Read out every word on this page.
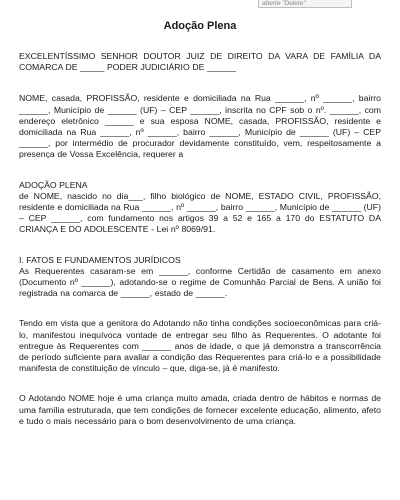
aberte "Delete"
Adoção Plena

EXCELENTÍSSIMO SENHOR DOUTOR JUIZ DE DIREITO DA VARA DE FAMÍLIA DA COMARCA DE _____ PODER JUDICIÁRIO DE ______

NOME, casada, PROFISSÃO, residente e domiciliada na Rua ______, nº ______, bairro ______, Município de ______ (UF) – CEP ______, inscrita no CPF sob o nº. ______, com endereço eletrônico ______ e sua esposa NOME, casada, PROFISSÃO, residente e domiciliada na Rua ______, nº ______, bairro ______, Município de ______ (UF) – CEP ______, por intermédio de procurador devidamente constituído, vem, respeitosamente a presença de Vossa Excelência, requerer a

ADOÇÃO PLENA

de NOME, nascido no dia___, filho biológico de NOME, ESTADO CIVIL, PROFISSÃO, residente e domiciliada na Rua ______, nº ______, bairro ______, Município de ______ (UF) – CEP ______, com fundamento nos artigos 39 a 52 e 165 a 170 do ESTATUTO DA CRIANÇA E DO ADOLESCENTE - Lei nº 8069/91.

I. FATOS E FUNDAMENTOS JURÍDICOS

As Requerentes casaram-se em ______, conforme Certidão de casamento em anexo (Documento nº ______), adotando-se o regime de Comunhão Parcial de Bens. A união foi registrada na comarca de ______, estado de ______.

Tendo em vista que a genitora do Adotando não tinha condições socioeconômicas para criá-lo, manifestou inequívoca vontade de entregar seu filho às Requerentes. O adotante foi entregue às Requerentes com ______ anos de idade, o que já demonstra a transcorrência de período suficiente para avaliar a condição das Requerentes para criá-lo e a possibilidade manifesta de constituição de vínculo – que, diga-se, já é manifesto.

O Adotando NOME hoje é uma criança muito amada, criada dentro de hábitos e normas de uma família estruturada, que tem condições de fornecer excelente educação, alimento, afeto e tudo o mais necessário para o bom desenvolvimento de uma criança.
